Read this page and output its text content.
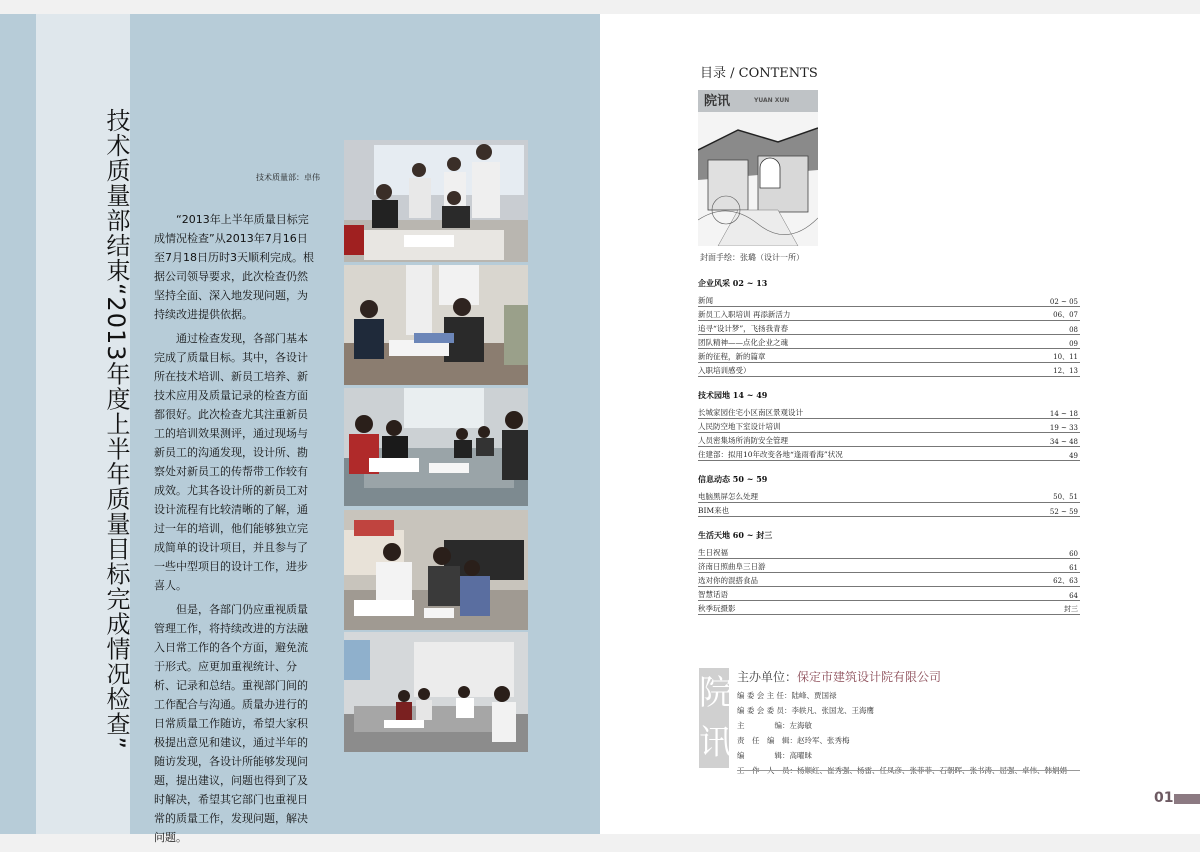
技术质量部结束“2013年度上半年质量目标完成情况检查”	技术质量部：卓伟

“2013年上半年质量目标完成情况检查”从2013年7月16日至7月18日历时3天顺利完成。根据公司领导要求，此次检查仍然坚持全面、深入地发现问题，为持续改进提供依据。

通过检查发现，各部门基本完成了质量目标。其中，各设计所在技术培训、新员工培养、新技术应用及质量记录的检查方面都很好。此次检查尤其注重新员工的培训效果测评，通过现场与新员工的沟通发现，设计所、勘察处对新员工的传帮带工作较有成效。尤其各设计所的新员工对设计流程有比较清晰的了解，通过一年的培训，他们能够独立完成简单的设计项目，并且参与了一些中型项目的设计工作，进步喜人。

但是，各部门仍应重视质量管理工作，将持续改进的方法融入日常工作的各个方面，避免流于形式。应更加重视统计、分析、记录和总结。重视部门间的工作配合与沟通。质量办进行的日常质量工作随访，希望大家积极提出意见和建议，通过半年的随访发现，各设计所能够发现问题，提出建议，问题也得到了及时解决，希望其它部门也重视日常的质量工作，发现问题，解决问题。

目录 / CONTENTS
院讯	YUAN XUN
封面手绘：张璐（设计一所）
企业风采 02 ~ 13
新闻	02 ~ 05
新员工入职培训 再添新活力	06、07
追寻“设计梦”，飞扬我青春	08
团队精神——点化企业之魂	09
新的征程，新的篇章	10、11
入职培训感受）	12、13
技术园地 14 ~ 49
长城家园住宅小区南区景观设计	14 ~ 18
人民防空地下室设计培训	19 ~ 33
人员密集场所消防安全管理	34 ~ 48
住建部：拟用10年改变各地“逢雨看海”状况	49
信息动态 50 ~ 59
电脑黑屏怎么处理	50、51
BIM来也	52 ~ 59
生活天地 60 ~ 封三
生日祝福	60
济南日照曲阜三日游	61
选对你的混搭食品	62、63
智慧话语	64
秋季玩摄影	封三
院
讯
主办单位：保定市建筑设计院有限公司
编 委 会 主 任：陆峰、贾国禄
编 委 会 委 员：李轶凡、张国龙、王海鹰
主　　　　编：左海敏
责　任　编　辑：赵玲军、张秀梅
编　　　　辑：高曜昧
工　作　人　员：杨顺红、崔秀强、杨雷、任凤彦、张菲菲、石朝晖、张书涛、屈强、卓伟、韩娟娟
01
